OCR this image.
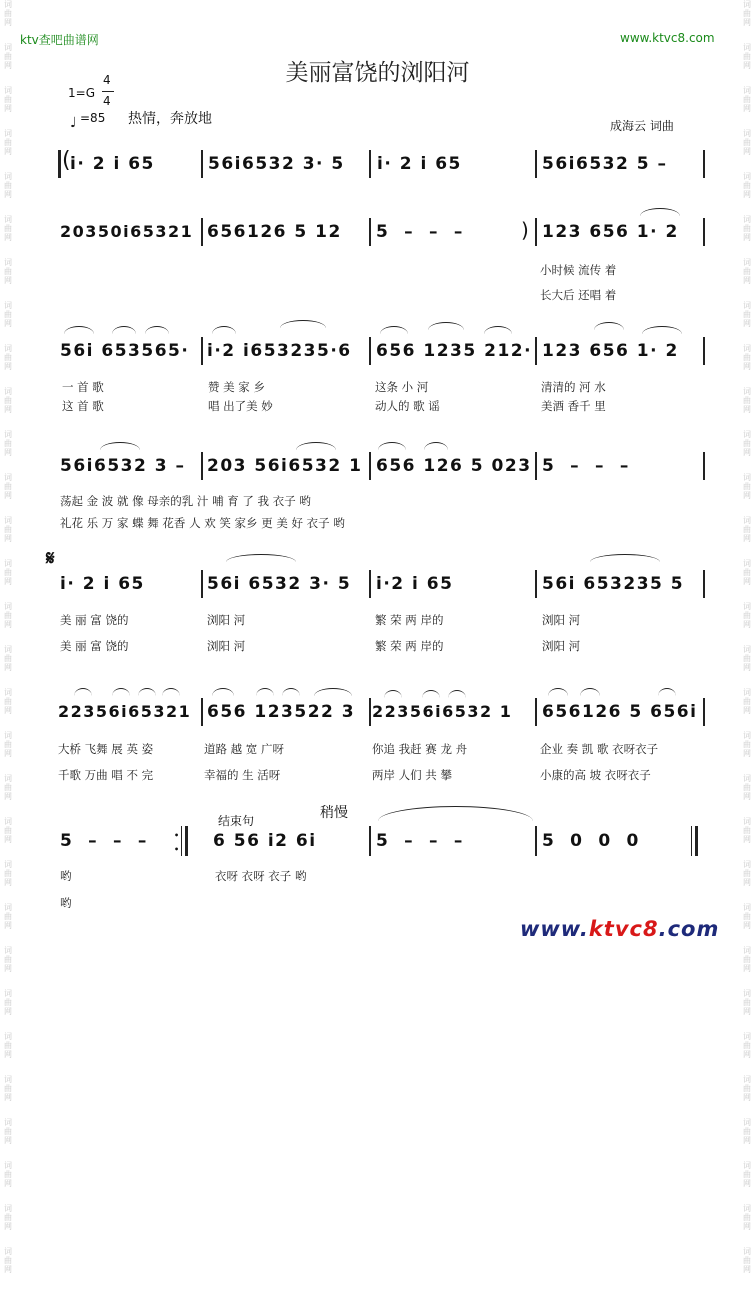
词
曲
网
词
曲
网
词
曲
网
词
曲
网
词
曲
网
词
曲
网
词
曲
网
词
曲
网
词
曲
网
词
曲
网
词
曲
网
词
曲
网
词
曲
网
词
曲
网
词
曲
网
词
曲
网
词
曲
网
词
曲
网
词
曲
网
词
曲
网
词
曲
网
词
曲
网
词
曲
网
词
曲
网
词
曲
网
词
曲
网
词
曲
网
词
曲
网
词
曲
网
词
曲
网
词
曲
网
词
曲
网
词
曲
网
词
曲
网
词
曲
网
词
曲
网
词
曲
网
词
曲
网
词
曲
网
词
曲
网
词
曲
网
词
曲
网
词
曲
网
词
曲
网
词
曲
网
词
曲
网
词
曲
网
词
曲
网
词
曲
网
词
曲
网
词
曲
网
词
曲
网
词
曲
网
词
曲
网
词
曲
网
词
曲
网
词
曲
网
词
曲
网
词
曲
网
词
曲
网
ktv查吧曲谱网	www.ktvc8.com
美丽富饶的浏阳河
1=G
4
4
♩ =85 热情，奔放地	成海云 词曲
( i· 2 i 65	56i6532 3· 5 i· 2 i 65	56i6532 5 –
20350i65321 656126 5 12 5  –  –  –	) 123 656 1· 2
小时候 流传 着
长大后 还唱 着
56i 653565· i·2 i653235·6 656 1235 212· 123 656 1· 2
一 首 歌	赞 美 家 乡	这条 小 河	清清的 河 水
这 首 歌	唱 出了美 妙	动人的 歌 谣	美酒 香千 里
56i6532 3 – 203 56i6532 1 656 126 5 023 5  –  –  –
荡起 金 波 就 像 母亲的乳 汁 哺 育 了 我 衣子 哟
礼花 乐 万 家 蝶 舞 花香 人 欢 笑 家乡 更 美 好 衣子 哟
𝄋
i· 2 i 65	56i 6532 3· 5 i·2 i 65	56i 653235 5
美 丽 富 饶的	浏阳 河	繁 荣 两 岸的	浏阳 河
美 丽 富 饶的	浏阳 河	繁 荣 两 岸的	浏阳 河
22356i65321 656 123522 3 22356i6532 1 656126 5 656i
大桥 飞舞 展 英 姿	道路 越 宽 广呀	你追 我赶 赛 龙 舟	企业 奏 凯 歌 衣呀衣子
千歌 万曲 唱 不 完	幸福的 生 活呀	两岸 人们 共 攀	小康的高 坡 衣呀衣子
5  –  –  –	•

•
结束句	稍慢
6 56 i2 6i	5  –  –  –	5  0  0  0
哟	衣呀 衣呀 衣子 哟
哟
www.ktvc8.com
